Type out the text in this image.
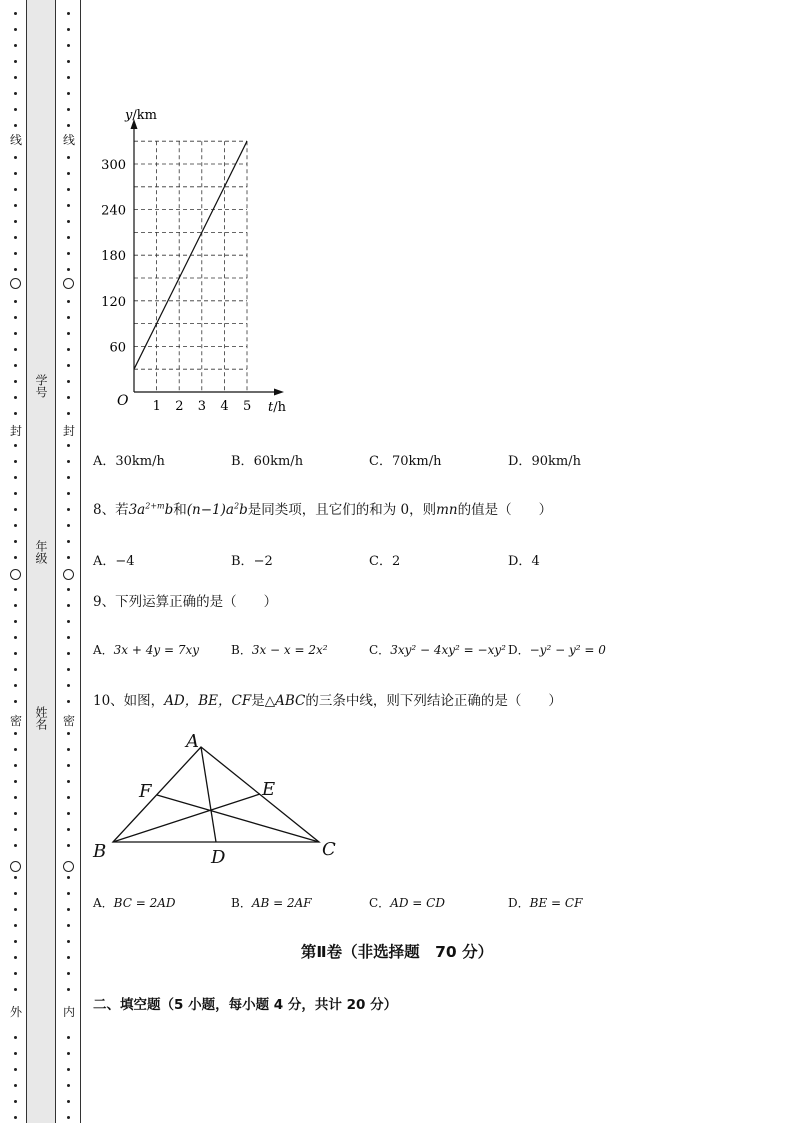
线
封
密
外
学号
年级
姓名
线
封
密
内
1 2 3 4 5
60
120
180
240
300
y/km
t/h
O
A．30km/h	B．60km/h	C．70km/h	D．90km/h
8、若$3a^{2+m}b$和$(n-1)a^2b$是同类项，且它们的和为 0，则mn的值是（　　）
A．−4	B．−2	C．2	D．4
9、下列运算正确的是（　　）
A．3x + 4y = 7xy	B．3x − x = 2x²	C．3xy² − 4xy² = −xy² D．−y² − y² = 0
10、如图，AD，BE，CF是△ABC的三条中线，则下列结论正确的是（　　）
A
B	C
D
E
F
A．BC = 2AD	B．AB = 2AF	C．AD = CD	D．BE = CF
第Ⅱ卷（非选择题　70 分）
二、填空题（5 小题，每小题 4 分，共计 20 分）
